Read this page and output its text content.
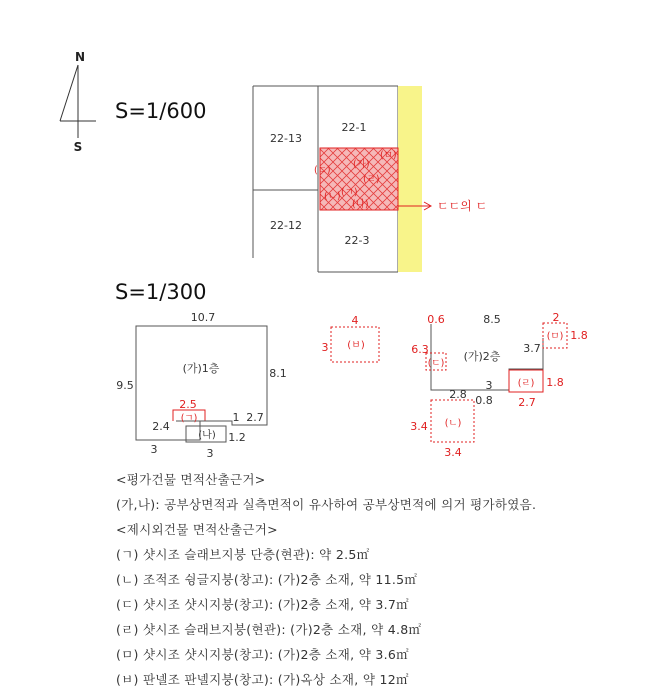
N
S
S=1/600
22-13
22-1
22-12
22-3
(ㅁ)
(ㄷ)
(가)
(ㄹ)
(ㄴ) (ㄱ)
(나)	ㄷㄷ의 ㄷ
S=1/300
10.7
9.5
8.1
(가)1층
2.5
(ㄱ)
2.4
1 2.7
3
(나) 1.2
3
4
3 (ㅂ)
0.6	8.5	2
6.3
(ㄷ)
(가)2층
3.7
(ㅁ) 1.8
(ㄹ) 1.8
2.8
3
0.8 2.7
3.4 (ㄴ)
3.4
<평가건물 면적산출근거>
(가,나): 공부상면적과 실측면적이 유사하여 공부상면적에 의거 평가하였음.
<제시외건물 면적산출근거>
(ㄱ) 샷시조 슬래브지붕 단층(현관): 약 2.5㎡
(ㄴ) 조적조 슁글지붕(창고): (가)2층 소재, 약 11.5㎡
(ㄷ) 샷시조 샷시지붕(창고): (가)2층 소재, 약 3.7㎡
(ㄹ) 샷시조 슬래브지붕(현관): (가)2층 소재, 약 4.8㎡
(ㅁ) 샷시조 샷시지붕(창고): (가)2층 소재, 약 3.6㎡
(ㅂ) 판넬조 판넬지붕(창고): (가)옥상 소재, 약 12㎡
